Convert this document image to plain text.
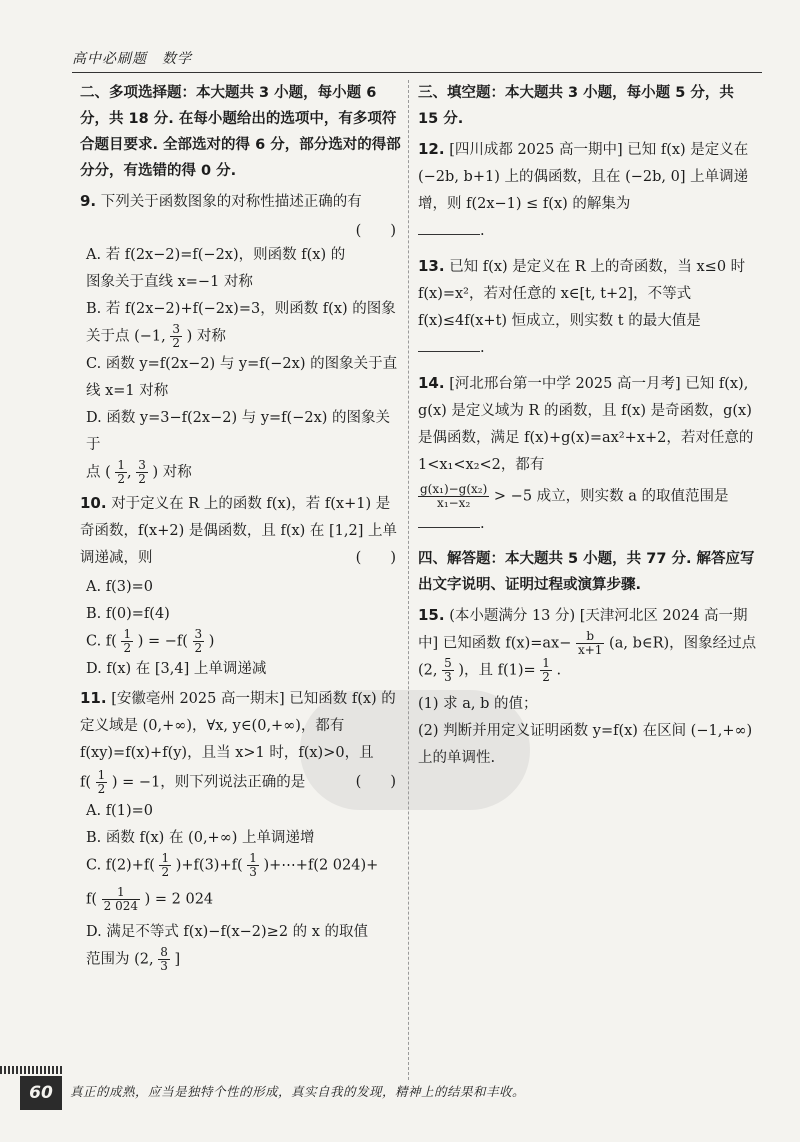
高中必刷题　数学

二、多项选择题：本大题共 3 小题，每小题 6 分，共 18 分. 在每小题给出的选项中，有多项符合题目要求. 全部选对的得 6 分，部分选对的得部分分，有选错的得 0 分.

9. 下列关于函数图象的对称性描述正确的有
(　　)
A. 若 f(2x−2)=f(−2x)，则函数 f(x) 的图象关于直线 x=−1 对称
B. 若 f(2x−2)+f(−2x)=3，则函数 f(x) 的图象
关于点 (−1, $\frac{3}{2}$ ) 对称
C. 函数 y=f(2x−2) 与 y=f(−2x) 的图象关于直线 x=1 对称
D. 函数 y=3−f(2x−2) 与 y=f(−2x) 的图象关于
点 ( $\frac{1}{2}$ , $\frac{3}{2}$ ) 对称
10. 对于定义在 R 上的函数 f(x)，若 f(x+1) 是奇函数，f(x+2) 是偶函数，且 f(x) 在 [1,2] 上单调递减，则	(　　)
A. f(3)=0
B. f(0)=f(4)
C. $f( \frac{1}{2}$ ) = $-f( \frac{3}{2}$ )
D. f(x) 在 [3,4] 上单调递减
11. [安徽亳州 2025 高一期末] 已知函数 f(x) 的定义域是 (0,+∞)，∀x, y∈(0,+∞)，都有 f(xy)=f(x)+f(y)，且当 x>1 时，f(x)>0，且
$f( \frac{1}{2}$ ) = −1，则下列说法正确的是	(　　)
A. f(1)=0
B. 函数 f(x) 在 (0,+∞) 上单调递增
C. $f(2)+f( \frac{1}{2} )+f(3)+f( \frac{1}{3}$ )+⋯+f(2 024)+
$f( \frac{1}{2 024}$ ) = 2 024
D. 满足不等式 f(x)−f(x−2)≥2 的 x 的取值
范围为 (2, $\frac{8}{3}$ ]

三、填空题：本大题共 3 小题，每小题 5 分，共 15 分.

12. [四川成都 2025 高一期中] 已知 f(x) 是定义在 (−2b, b+1) 上的偶函数，且在 (−2b, 0] 上单调递增，则 f(2x−1) ≤ f(x) 的解集为
.
13. 已知 f(x) 是定义在 R 上的奇函数，当 x≤0 时 f(x)=x²，若对任意的 x∈[t, t+2]，不等式 f(x)≤4f(x+t) 恒成立，则实数 t 的最大值是
.
14. [河北邢台第一中学 2025 高一月考] 已知 f(x), g(x) 是定义域为 R 的函数，且 f(x) 是奇函数，g(x) 是偶函数，满足 f(x)+g(x)=ax²+x+2，若对任意的 1<x₁<x₂<2，都有
$\frac{\text{g(x₁)−g(x₂)}}{\text{x₁−x₂}} > -5$ 成立，则实数 a 的取值范围是 .

四、解答题：本大题共 5 小题，共 77 分. 解答应写出文字说明、证明过程或演算步骤.

15. (本小题满分 13 分) [天津河北区 2024 高一期中] 已知函数 $f(x)=ax- \frac{b}{x+1} (a$, b∈R)，图象经过点 (2, $\frac{5}{3}$ )，且 $f(1)= \frac{1}{2}$ .
(1) 求 a, b 的值；
(2) 判断并用定义证明函数 y=f(x) 在区间 (−1,+∞) 上的单调性.
60	真正的成熟，应当是独特个性的形成，真实自我的发现，精神上的结果和丰收。
